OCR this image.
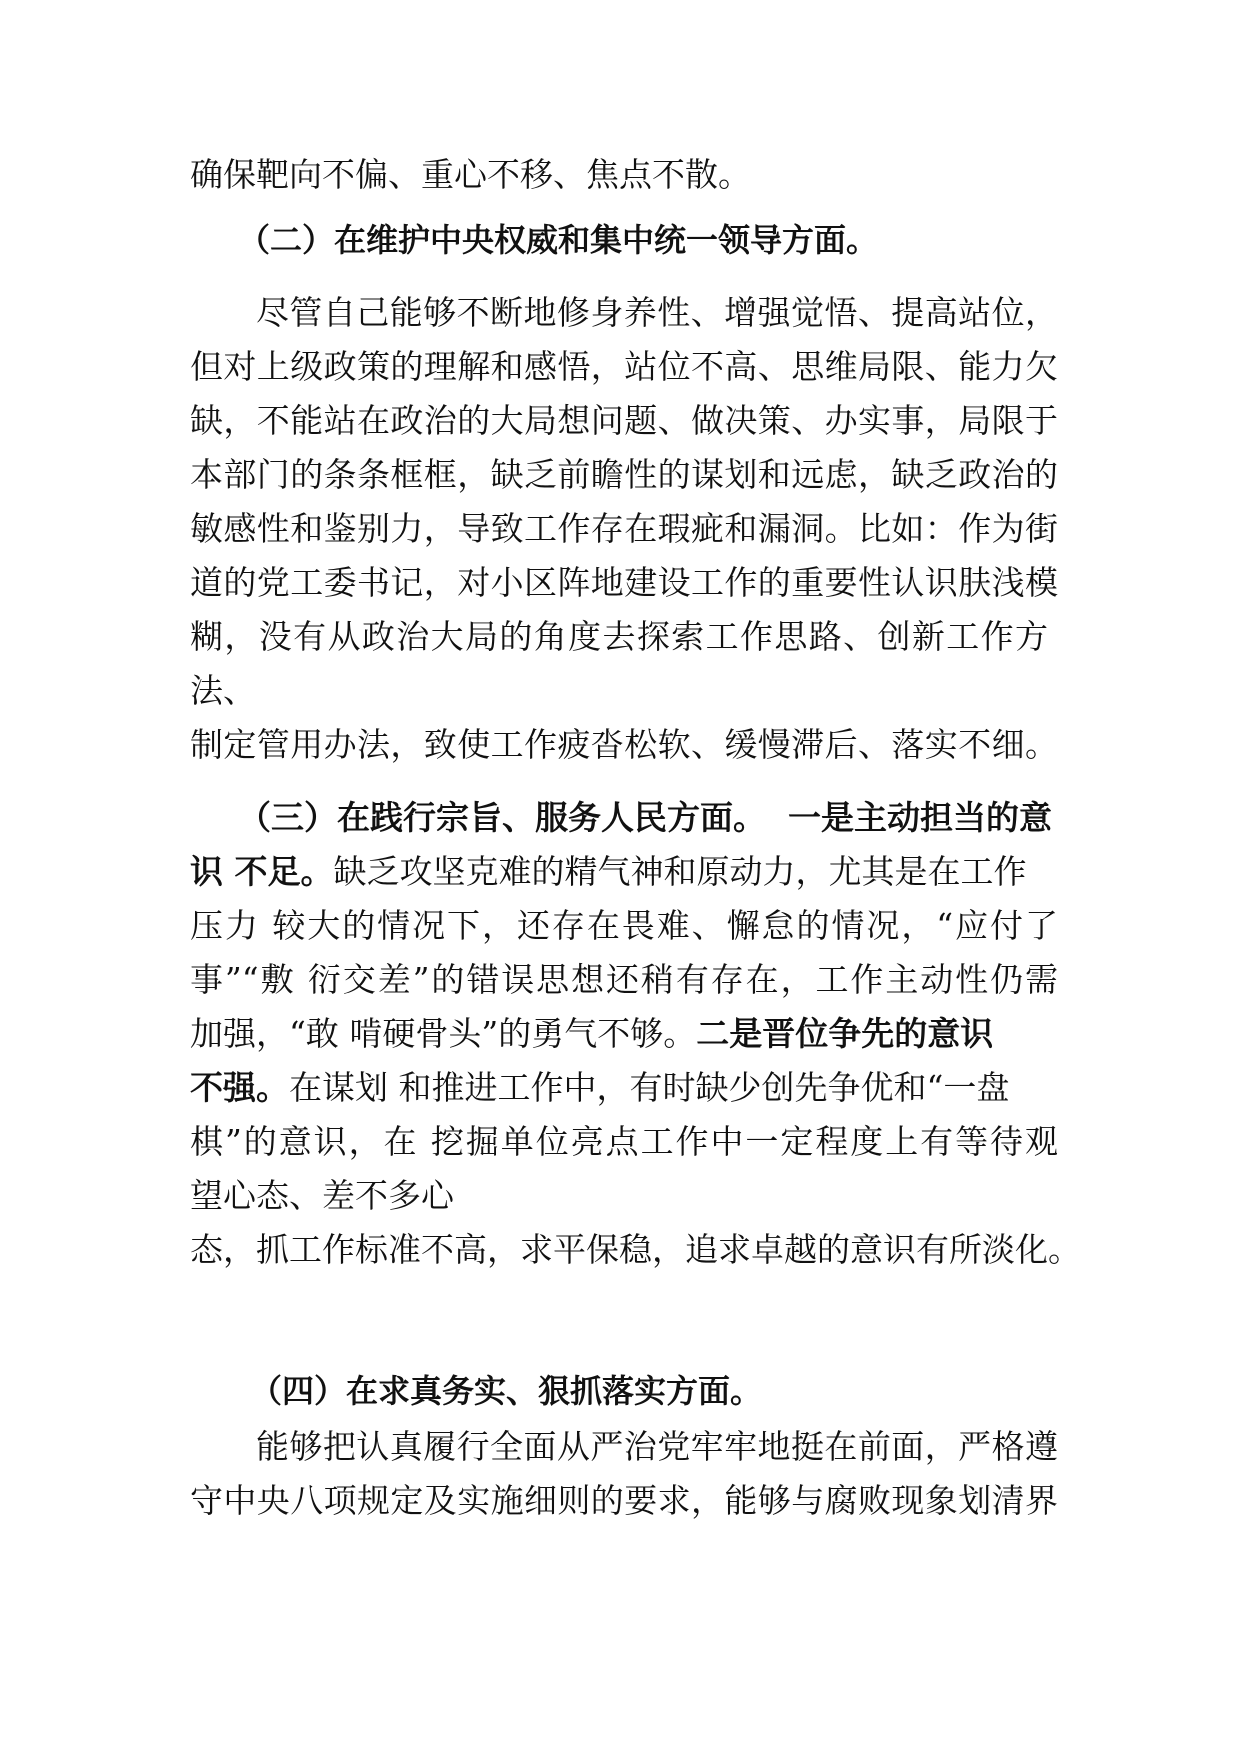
确保靶向不偏、重心不移、焦点不散。
（二）在维护中央权威和集中统一领导方面。
尽管自己能够不断地修身养性、增强觉悟、提高站位，
但对上级政策的理解和感悟，站位不高、思维局限、能力欠
缺，不能站在政治的大局想问题、做决策、办实事，局限于
本部门的条条框框，缺乏前瞻性的谋划和远虑，缺乏政治的
敏感性和鉴别力，导致工作存在瑕疵和漏洞。比如：作为街
道的党工委书记，对小区阵地建设工作的重要性认识肤浅模
糊，没有从政治大局的角度去探索工作思路、创新工作方
法、
制定管用办法，致使工作疲沓松软、缓慢滞后、落实不细。
（三）在践行宗旨、服务人民方面。 一是主动担当的意
识 不足。缺乏攻坚克难的精气神和原动力，尤其是在工作
压力 较大的情况下，还存在畏难、懈怠的情况，“应付了
事”“敷 衍交差”的错误思想还稍有存在，工作主动性仍需
加强，“敢 啃硬骨头”的勇气不够。二是晋位争先的意识
不强。在谋划 和推进工作中，有时缺少创先争优和“一盘
棋”的意识，在 挖掘单位亮点工作中一定程度上有等待观
望心态、差不多心
态，抓工作标准不高，求平保稳，追求卓越的意识有所淡化。
（四）在求真务实、狠抓落实方面。
能够把认真履行全面从严治党牢牢地挺在前面，严格遵
守中央八项规定及实施细则的要求，能够与腐败现象划清界
